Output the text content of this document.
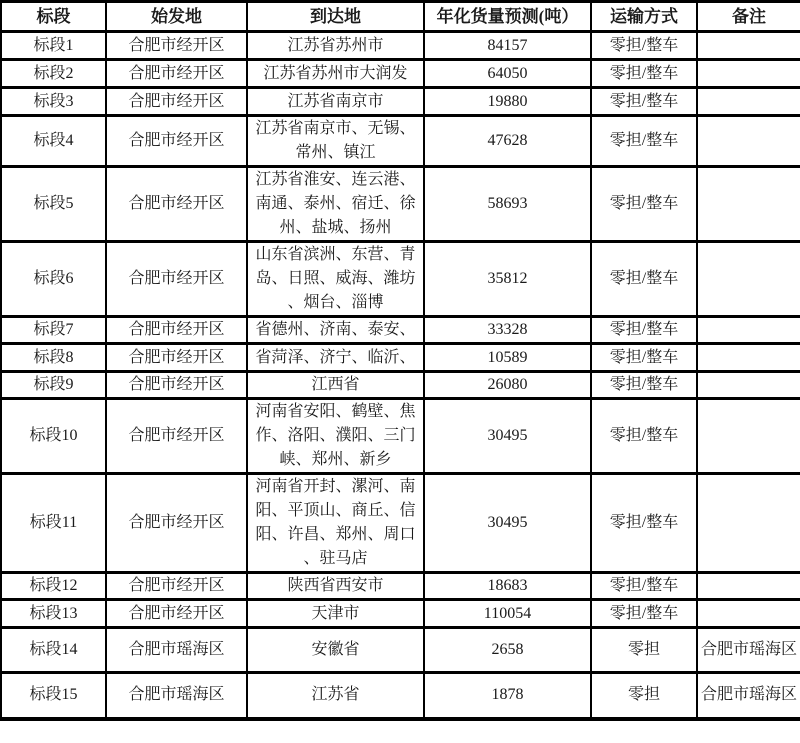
标段	始发地	到达地	年化货量预测(吨）	运输方式	备注
标段1	合肥市经开区	江苏省苏州市	84157	零担/整车	
标段2	合肥市经开区	江苏省苏州市大润发	64050	零担/整车	
标段3	合肥市经开区	江苏省南京市	19880	零担/整车	
标段4	合肥市经开区	江苏省南京市、无锡、常州、镇江	47628	零担/整车	
标段5	合肥市经开区	江苏省淮安、连云港、南通、泰州、宿迁、徐州、盐城、扬州	58693	零担/整车	
标段6	合肥市经开区	山东省滨洲、东营、青岛、日照、威海、潍坊、烟台、淄博	35812	零担/整车	
标段7	合肥市经开区	省德州、济南、泰安、	33328	零担/整车	
标段8	合肥市经开区	省菏泽、济宁、临沂、	10589	零担/整车	
标段9	合肥市经开区	江西省	26080	零担/整车	
标段10	合肥市经开区	河南省安阳、鹤壁、焦作、洛阳、濮阳、三门峡、郑州、新乡	30495	零担/整车	
标段11	合肥市经开区	河南省开封、漯河、南阳、平顶山、商丘、信阳、许昌、郑州、周口、驻马店	30495	零担/整车	
标段12	合肥市经开区	陕西省西安市	18683	零担/整车	
标段13	合肥市经开区	天津市	110054	零担/整车	
标段14	合肥市瑶海区	安徽省	2658	零担	合肥市瑶海区
标段15	合肥市瑶海区	江苏省	1878	零担	合肥市瑶海区
